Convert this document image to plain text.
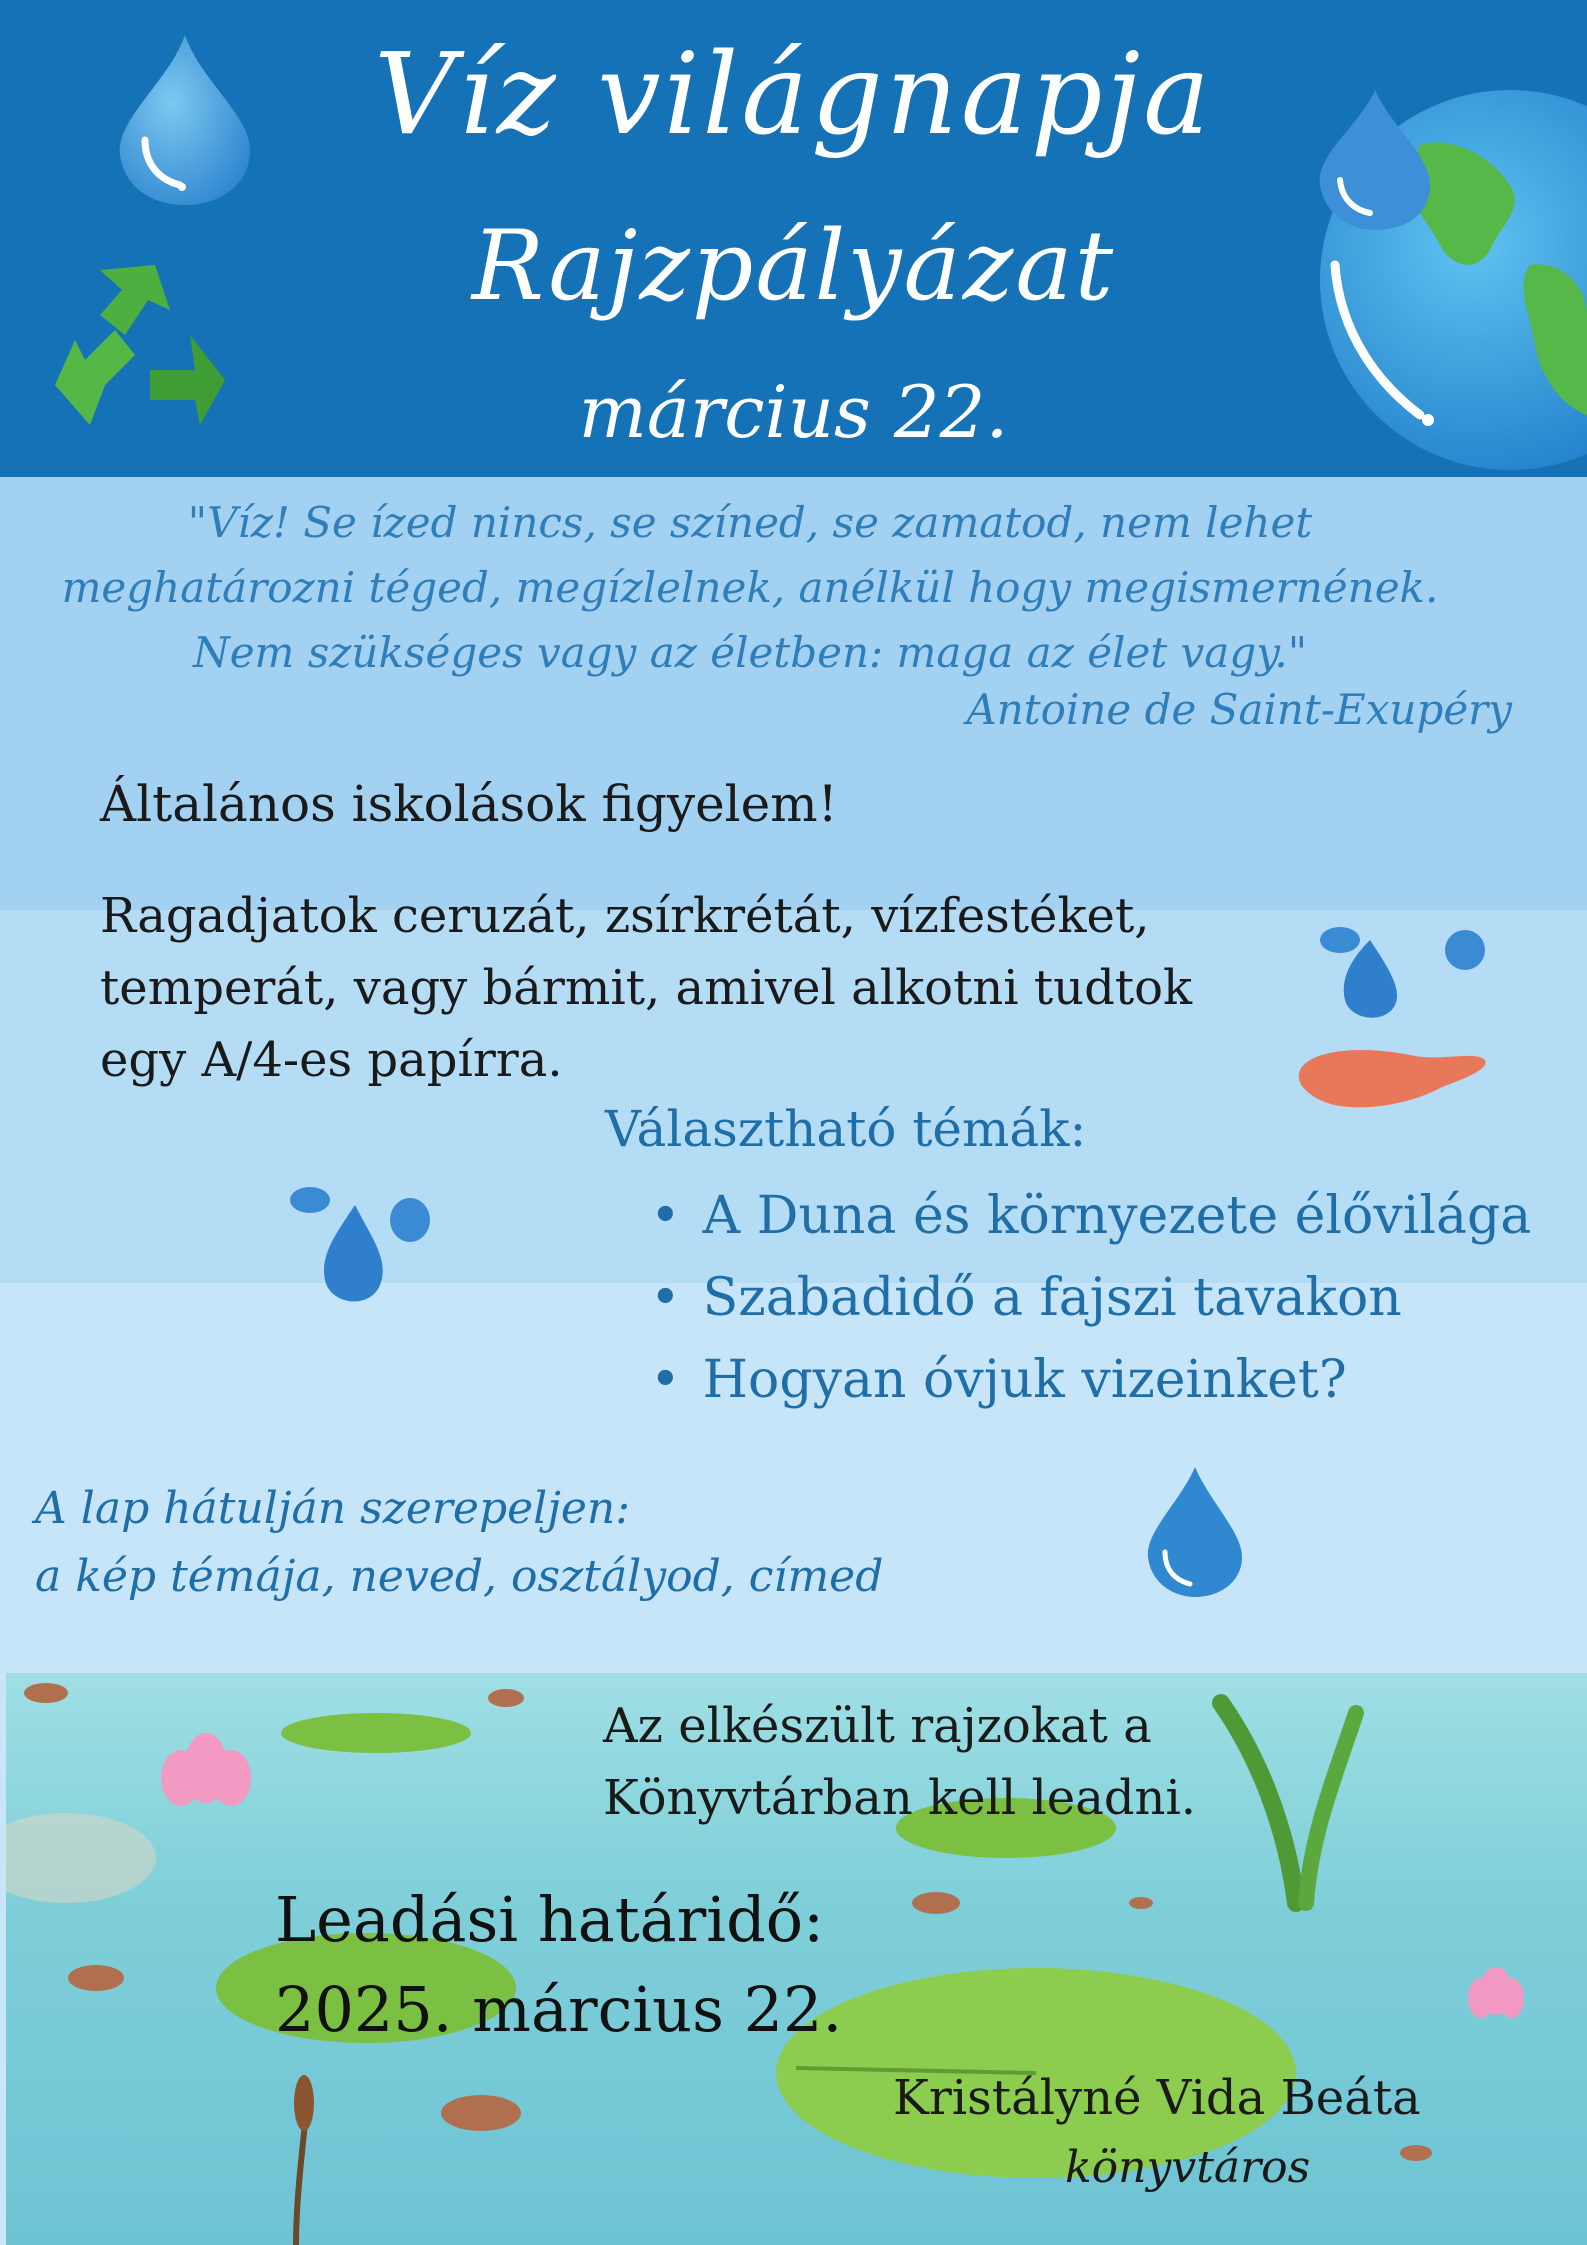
Víz világnapja
Rajzpályázat
március 22.
"Víz! Se ízed nincs, se színed, se zamatod, nem lehet
meghatározni téged, megízlelnek, anélkül hogy megismernének.
Nem szükséges vagy az életben: maga az élet vagy."
Antoine de Saint-Exupéry
Általános iskolások figyelem!
Ragadjatok ceruzát, zsírkrétát, vízfestéket,
temperát, vagy bármit, amivel alkotni tudtok
egy A/4-es papírra.
Választható témák:
• A Duna és környezete élővilága
• Szabadidő a fajszi tavakon
• Hogyan óvjuk vizeinket?
A lap hátulján szerepeljen:
a kép témája, neved, osztályod, címed
Az elkészült rajzokat a
Könyvtárban kell leadni.
Leadási határidő:
2025. március 22.
Kristályné Vida Beáta
könyvtáros
